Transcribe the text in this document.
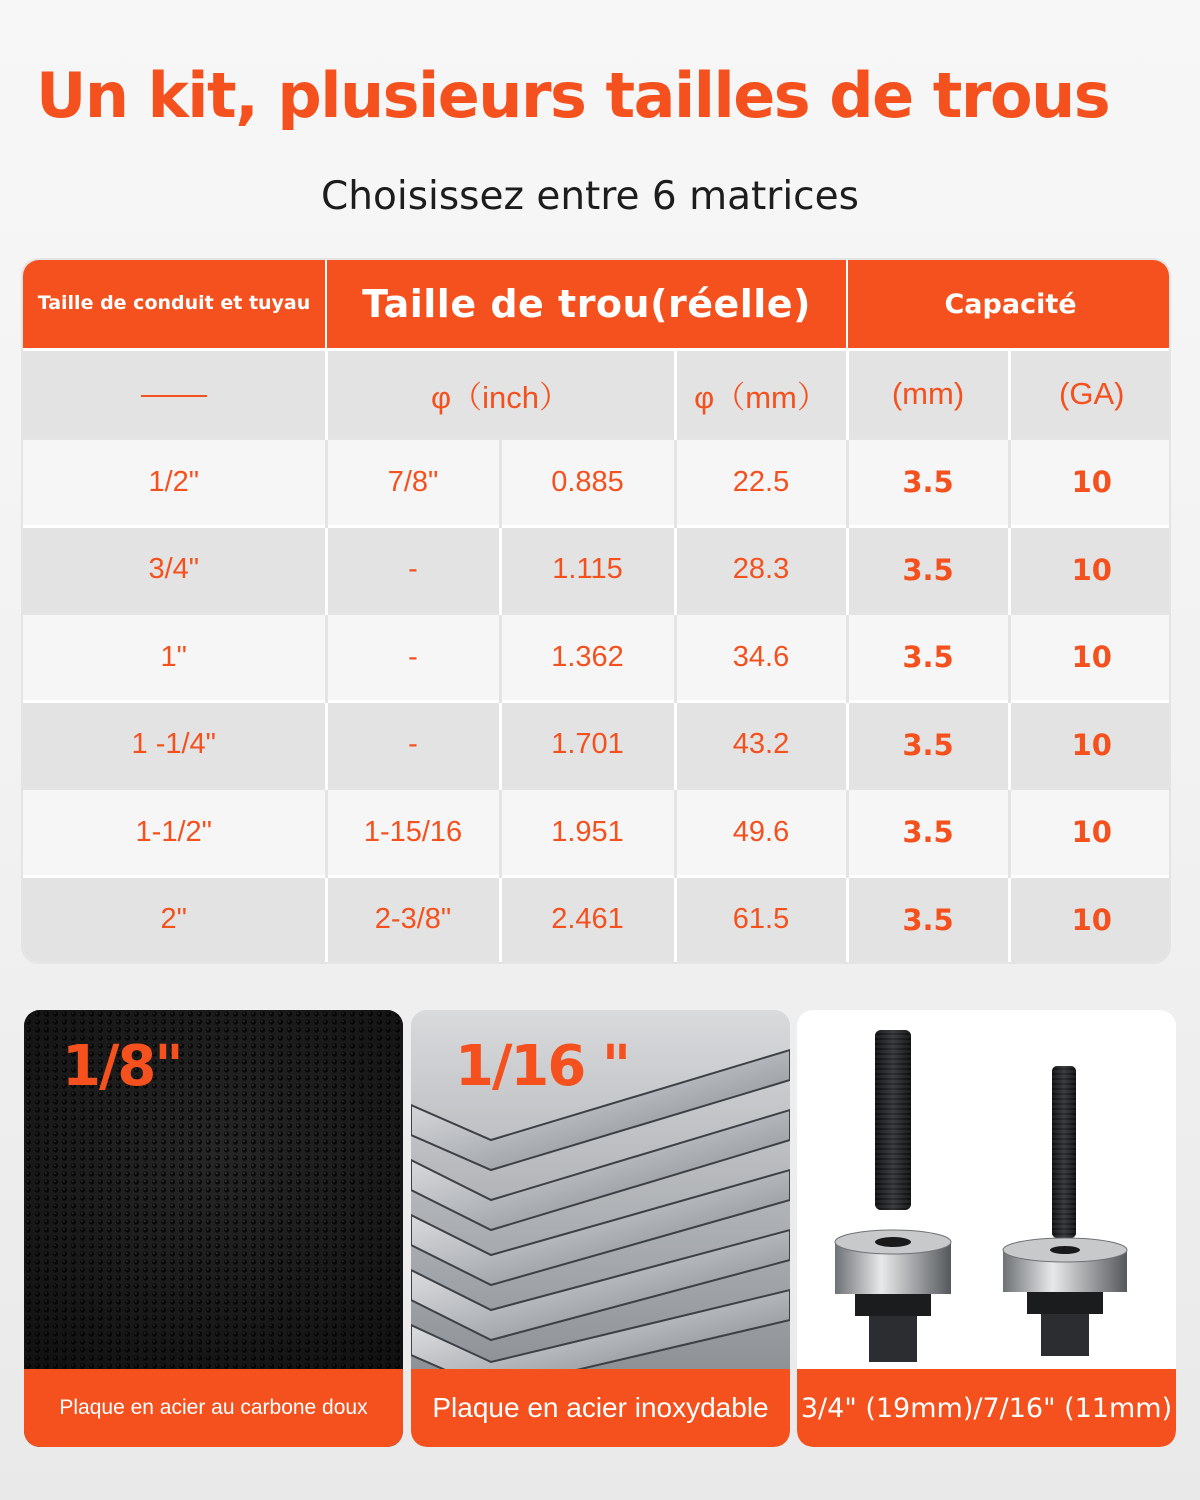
Un kit, plusieurs tailles de trous
Choisissez entre 6 matrices
Taille de conduit et tuyau	Taille de trou(réelle)			Capacité	
	φ（inch）		φ（mm）	(mm)	(GA)
1/2"	7/8"	0.885	22.5	3.5	10
3/4"	-	1.115	28.3	3.5	10
1"	-	1.362	34.6	3.5	10
1 -1/4"	-	1.701	43.2	3.5	10
1-1/2"	1-15/16	1.951	49.6	3.5	10
2"	2-3/8"	2.461	61.5	3.5	10
1/8"
Plaque en acier au carbone doux
1/16 "
Plaque en acier inoxydable	3/4" (19mm)/7/16" (11mm)
